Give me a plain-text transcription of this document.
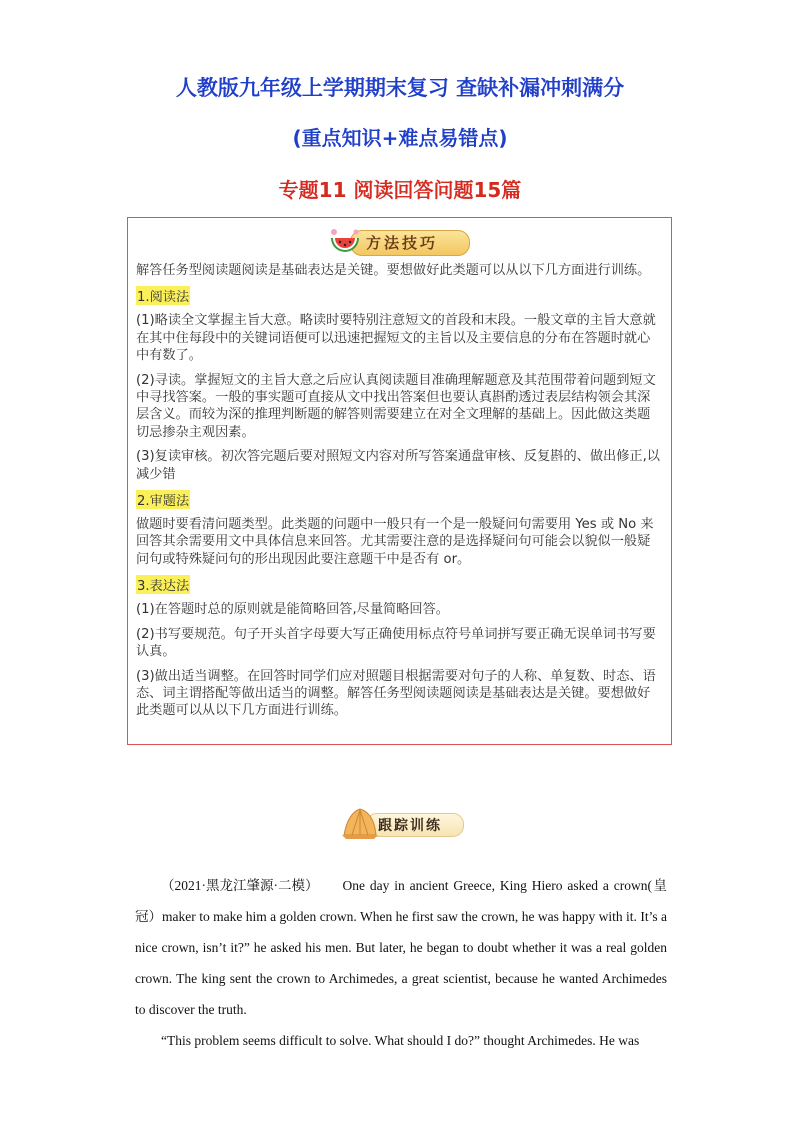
人教版九年级上学期期末复习 查缺补漏冲刺满分
(重点知识+难点易错点)
专题11 阅读回答问题15篇
方法技巧

解答任务型阅读题阅读是基础表达是关键。要想做好此类题可以从以下几方面进行训练。

1.阅读法

(1)略读全文掌握主旨大意。略读时要特别注意短文的首段和末段。一般文章的主旨大意就在其中住每段中的关键词语便可以迅速把握短文的主旨以及主要信息的分布在答题时就心中有数了。

(2)寻读。掌握短文的主旨大意之后应认真阅读题目准确理解题意及其范围带着问题到短文中寻找答案。一般的事实题可直接从文中找出答案但也要认真斟酌透过表层结构领会其深层含义。而较为深的推理判断题的解答则需要建立在对全文理解的基础上。因此做这类题切忌掺杂主观因素。

(3)复读审核。初次答完题后要对照短文内容对所写答案通盘审核、反复斟的、做出修正,以减少错

2.审题法

做题时要看清问题类型。此类题的问题中一般只有一个是一般疑问句需要用 Yes 或 No 来回答其余需要用文中具体信息来回答。尤其需要注意的是选择疑问句可能会以貌似一般疑问句或特殊疑问句的形出现因此要注意题干中是否有 or。

3.表达法

(1)在答题时总的原则就是能简略回答,尽量简略回答。

(2)书写要规范。句子开头首字母要大写正确使用标点符号单词拼写要正确无误单词书写要认真。

(3)做出适当调整。在回答时同学们应对照题目根据需要对句子的人称、单复数、时态、语态、词主谓搭配等做出适当的调整。解答任务型阅读题阅读是基础表达是关键。要想做好此类题可以从以下几方面进行训练。

跟踪训练

（2021·黑龙江肇源·二模） One day in ancient Greece, King Hiero asked a crown(皇冠）maker to make him a golden crown. When he first saw the crown, he was happy with it. It’s a nice crown, isn’t it?” he asked his men. But later, he began to doubt whether it was a real golden crown. The king sent the crown to Archimedes, a great scientist, because he wanted Archimedes to discover the truth.

“This problem seems difficult to solve. What should I do?” thought Archimedes. He was
